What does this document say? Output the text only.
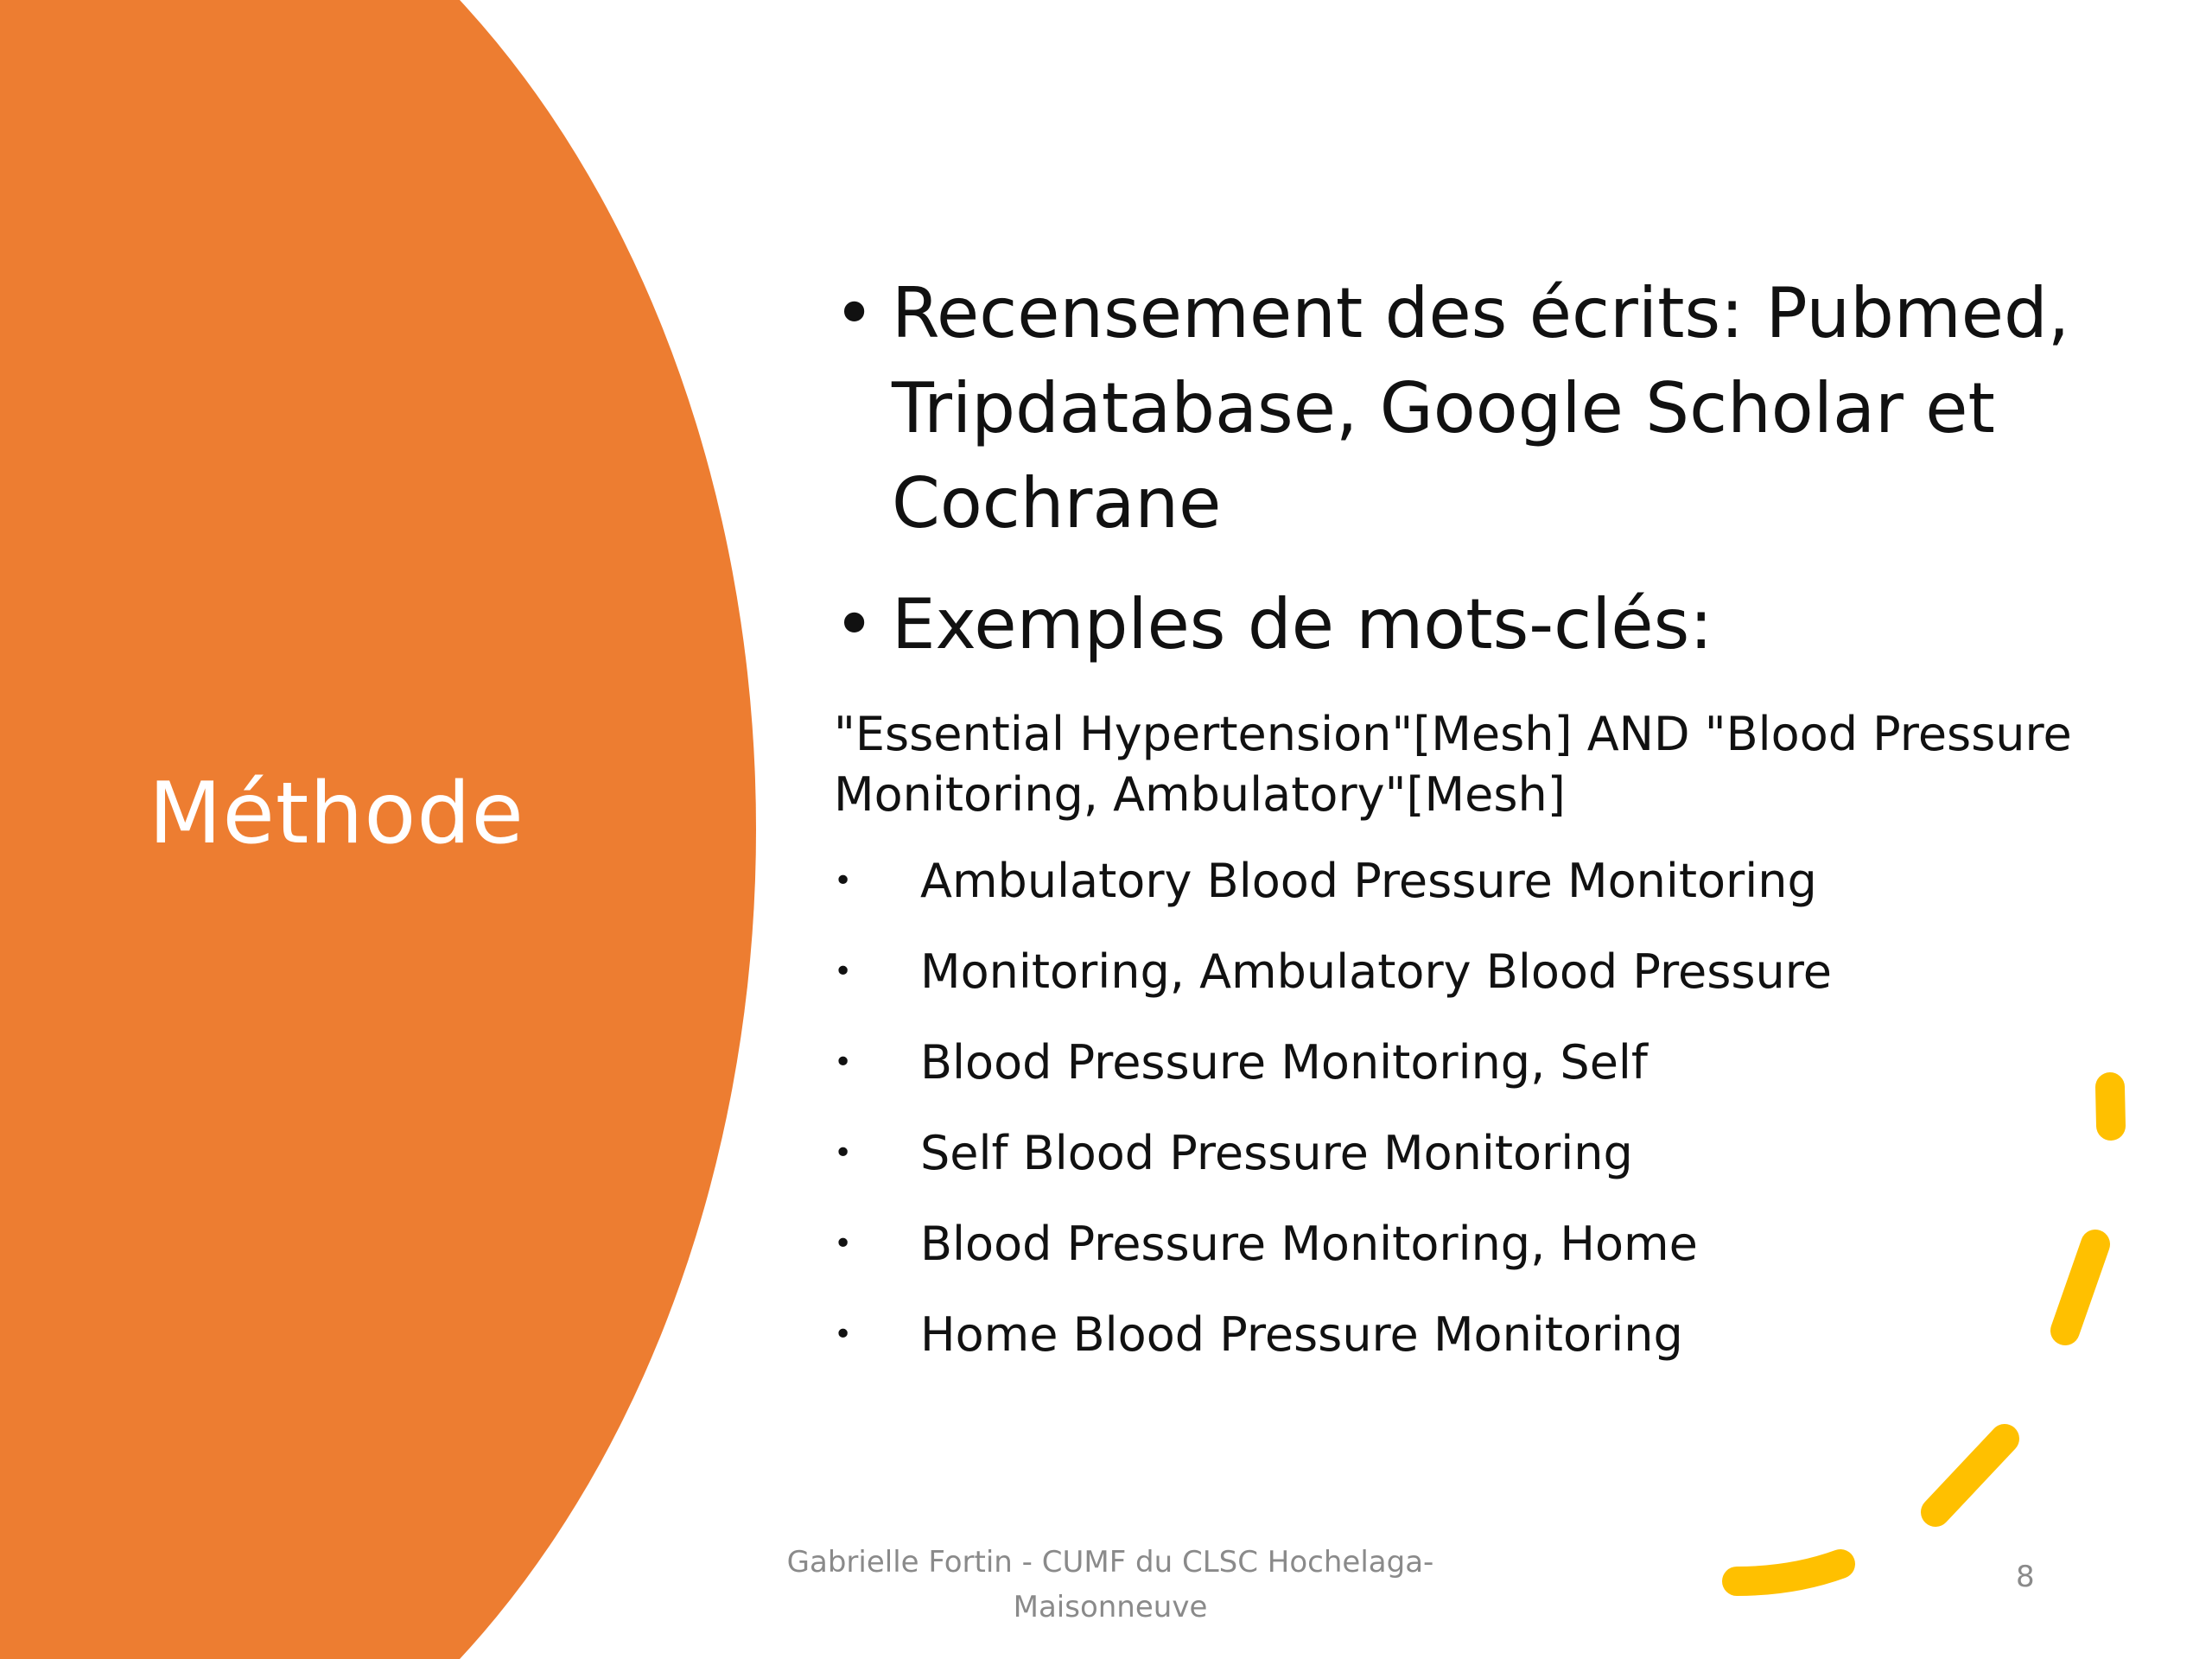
Méthode
• Recensement des écrits: Pubmed, Tripdatabase, Google Scholar et Cochrane
• Exemples de mots-clés:
"Essential Hypertension"[Mesh] AND "Blood Pressure Monitoring, Ambulatory"[Mesh]
•	Ambulatory Blood Pressure Monitoring
•	Monitoring, Ambulatory Blood Pressure
•	Blood Pressure Monitoring, Self
•	Self Blood Pressure Monitoring
•	Blood Pressure Monitoring, Home
•	Home Blood Pressure Monitoring
Gabrielle Fortin - CUMF du CLSC Hochelaga-Maisonneuve
8
